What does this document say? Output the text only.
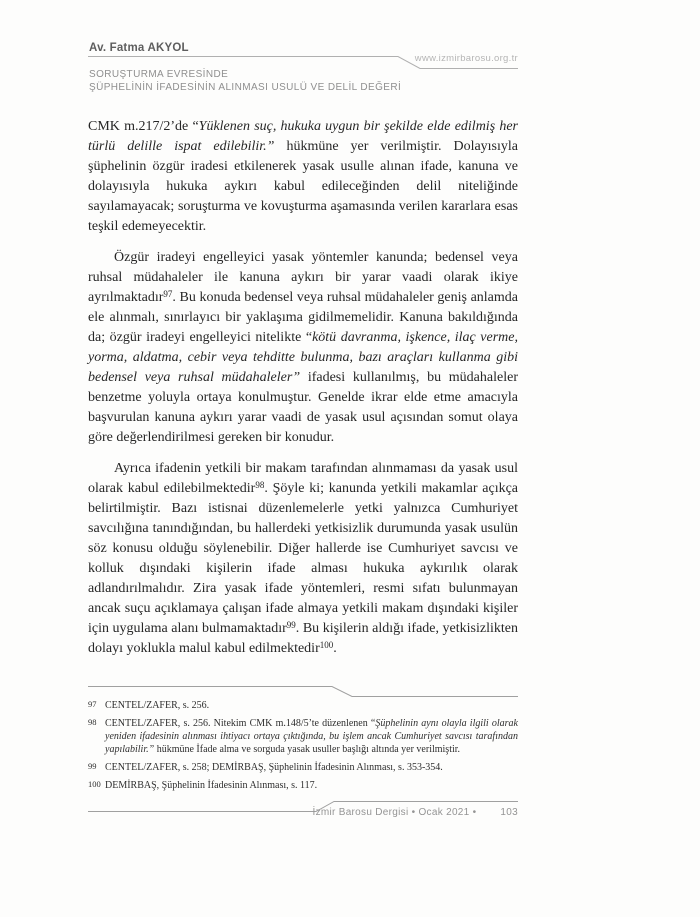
Av. Fatma AKYOL
www.izmirbarosu.org.tr
SORUŞTURMA EVRESİNDE
ŞÜPHELİNİN İFADESİNİN ALINMASI USULÜ VE DELİL DEĞERİ

CMK m.217/2’de “Yüklenen suç, hukuka uygun bir şekilde elde edilmiş her türlü delille ispat edilebilir.” hükmüne yer verilmiştir. Dolayısıyla şüphelinin özgür iradesi etkilenerek yasak usulle alınan ifade, kanuna ve dolayısıyla hukuka aykırı kabul edileceğinden delil niteliğinde sayılamayacak; soruşturma ve kovuşturma aşamasında verilen kararlara esas teşkil edemeyecektir.

Özgür iradeyi engelleyici yasak yöntemler kanunda; bedensel veya ruhsal müdahaleler ile kanuna aykırı bir yarar vaadi olarak ikiye ayrılmaktadır$^{97}$. Bu konuda bedensel veya ruhsal müdahaleler geniş anlamda ele alınmalı, sınırlayıcı bir yaklaşıma gidilmemelidir. Kanuna bakıldığında da; özgür iradeyi engelleyici nitelikte “kötü davranma, işkence, ilaç verme, yorma, aldatma, cebir veya tehditte bulunma, bazı araçları kullanma gibi bedensel veya ruhsal müdahaleler” ifadesi kullanılmış, bu müdahaleler benzetme yoluyla ortaya konulmuştur. Genelde ikrar elde etme amacıyla başvurulan kanuna aykırı yarar vaadi de yasak usul açısından somut olaya göre değerlendirilmesi gereken bir konudur.

Ayrıca ifadenin yetkili bir makam tarafından alınmaması da yasak usul olarak kabul edilebilmektedir$^{98}$. Şöyle ki; kanunda yetkili makamlar açıkça belirtilmiştir. Bazı istisnai düzenlemelerle yetki yalnızca Cumhuriyet savcılığına tanındığından, bu hallerdeki yetkisizlik durumunda yasak usulün söz konusu olduğu söylenebilir. Diğer hallerde ise Cumhuriyet savcısı ve kolluk dışındaki kişilerin ifade alması hukuka aykırılık olarak adlandırılmalıdır. Zira yasak ifade yöntemleri, resmi sıfatı bulunmayan ancak suçu açıklamaya çalışan ifade almaya yetkili makam dışındaki kişiler için uygulama alanı bulmamaktadır$^{99}$. Bu kişilerin aldığı ifade, yetkisizlikten dolayı yoklukla malul kabul edilmektedir$^{100}$.

97 CENTEL/ZAFER, s. 256.
98 CENTEL/ZAFER, s. 256. Nitekim CMK m.148/5’te düzenlenen “Şüphelinin aynı olayla ilgili olarak yeniden ifadesinin alınması ihtiyacı ortaya çıktığında, bu işlem ancak Cumhuriyet savcısı tarafından yapılabilir.” hükmüne İfade alma ve sorguda yasak usuller başlığı altında yer verilmiştir.
99 CENTEL/ZAFER, s. 258; DEMİRBAŞ, Şüphelinin İfadesinin Alınması, s. 353-354.
100 DEMİRBAŞ, Şüphelinin İfadesinin Alınması, s. 117.
İzmir Barosu Dergisi • Ocak 2021 • 103
